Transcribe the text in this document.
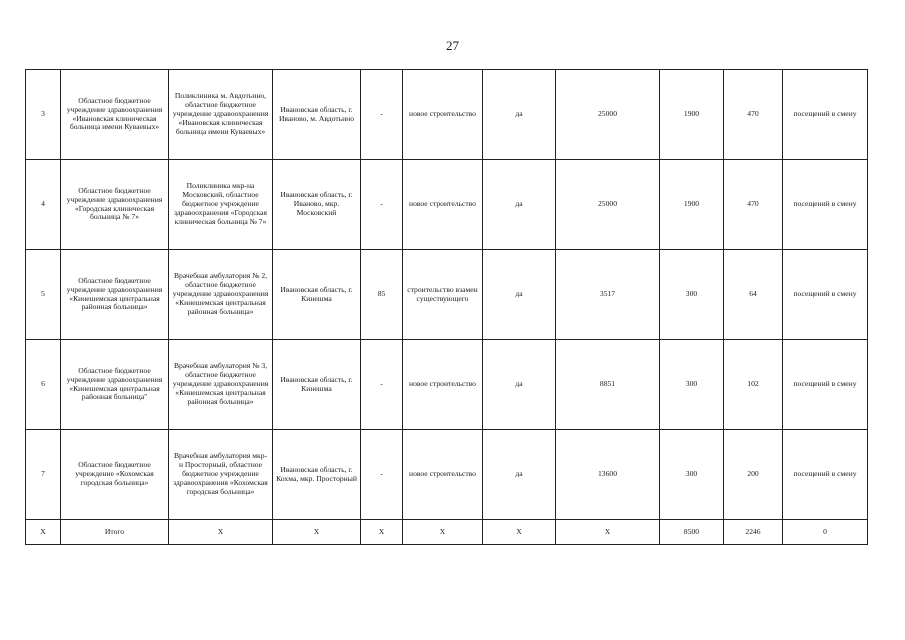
27
3	Областное бюджетное учреждение здравоохранения «Ивановская клиническая больница имени Куваевых»	Поликлиника м. Авдотьино, областное бюджетное учреждение здравоохранения «Ивановская клиническая больница имени Куваевых»	Ивановская область, г. Иваново, м. Авдотьино	-	новое строительство	да	25000	1900	470	посещений в смену
4	Областное бюджетное учреждение здравоохранения «Городская клиническая больница № 7»	Поликлиника мкр-на Московский, областное бюджетное учреждение здравоохранения «Городская клиническая больница № 7»	Ивановская область, г. Иваново, мкр. Московский	-	новое строительство	да	25000	1900	470	посещений в смену
5	Областное бюджетное учреждение здравоохранения «Кинешемская центральная районная больница»	Врачебная амбулатория № 2, областное бюджетное учреждение здравоохранения «Кинешемская центральная районная больница»	Ивановская область, г. Кинешма	85	строительство взамен существующего	да	3517	300	64	посещений в смену
6	Областное бюджетное учреждение здравоохранения «Кинешемская центральная районная больница"	Врачебная амбулатория № 3, областное бюджетное учреждение здравоохранения «Кинешемская центральная районная больница»	Ивановская область, г. Кинешма	-	новое строительство	да	8851	300	102	посещений в смену
7	Областное бюджетное учреждение «Кохомская городская больница»	Врачебная амбулатория мкр-н Просторный, областное бюджетное учреждение здравоохранения «Кохомская городская больница»	Ивановская область, г. Кохма, мкр. Просторный	-	новое строительство	да	13600	300	200	посещений в смену
X	Итого	X	X	X	X	X	X	8500	2246	0
